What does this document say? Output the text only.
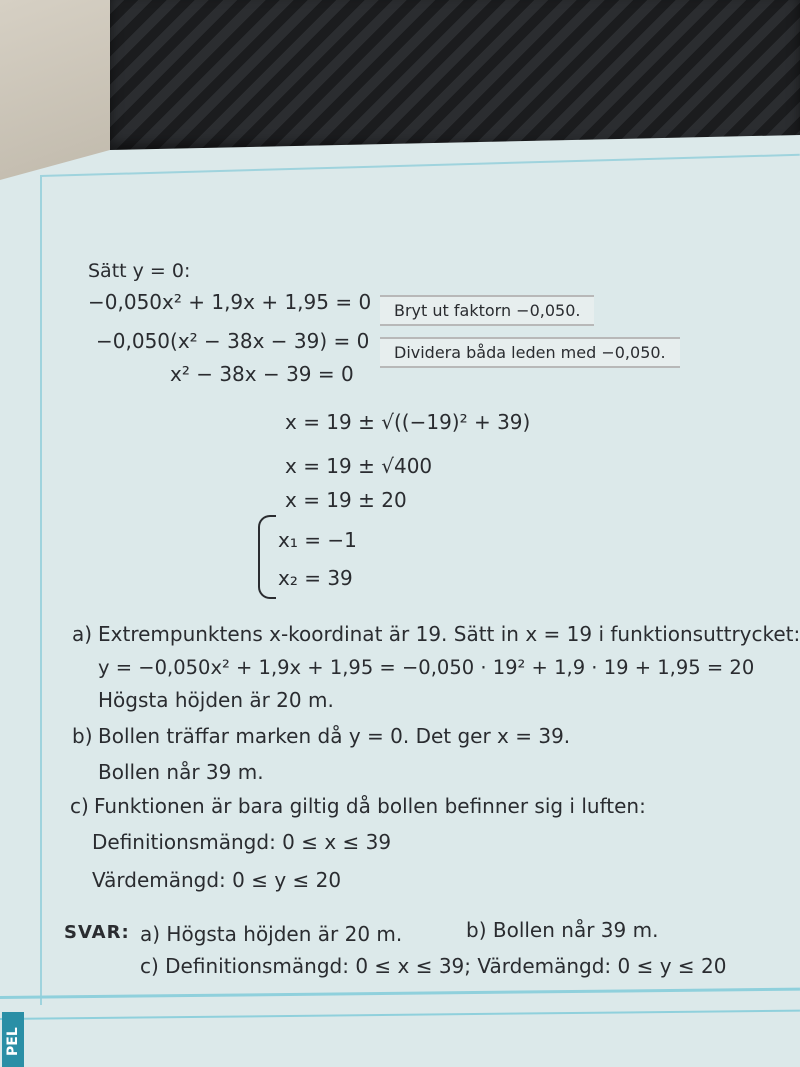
PEL
Sätt y = 0:
−0,050x² + 1,9x + 1,95 = 0	Bryt ut faktorn −0,050.
−0,050(x² − 38x − 39) = 0	Dividera båda leden med −0,050.
x² − 38x − 39 = 0
x = 19 ± √((−19)² + 39)
x = 19 ± √400
x = 19 ± 20
x₁ = −1
x₂ = 39
a) Extrempunktens x-koordinat är 19. Sätt in x = 19 i funktionsuttrycket:
y = −0,050x² + 1,9x + 1,95 = −0,050 · 19² + 1,9 · 19 + 1,95 = 20
Högsta höjden är 20 m.
b) Bollen träffar marken då y = 0. Det ger x = 39.
Bollen når 39 m.
c) Funktionen är bara giltig då bollen befinner sig i luften:
Definitionsmängd: 0 ≤ x ≤ 39
Värdemängd: 0 ≤ y ≤ 20
SVAR: a) Högsta höjden är 20 m.	b) Bollen når 39 m.
c) Definitionsmängd: 0 ≤ x ≤ 39; Värdemängd: 0 ≤ y ≤ 20
